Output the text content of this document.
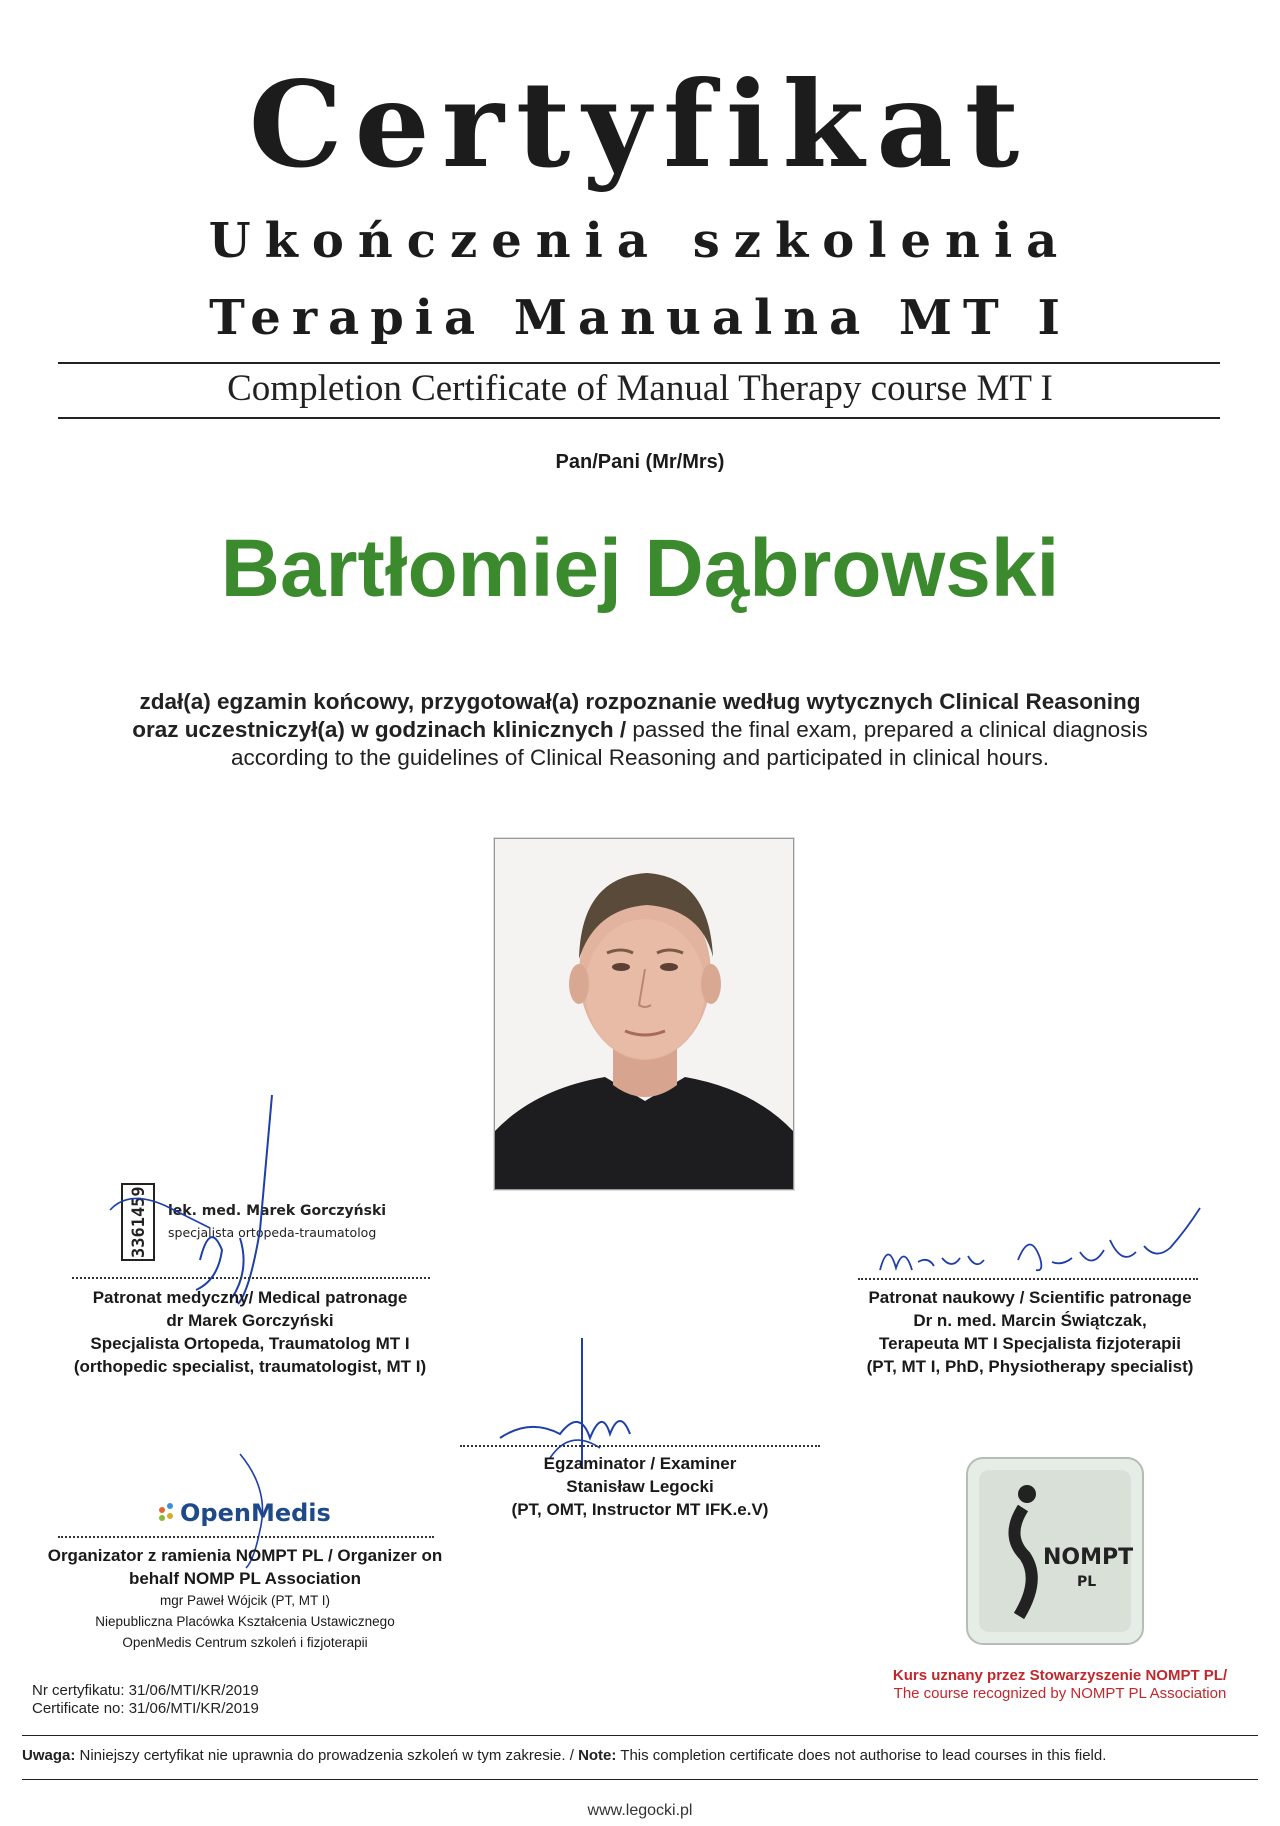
Certyfikat
Ukończenia szkolenia
Terapia Manualna MT I
Completion Certificate of Manual Therapy course MT I
Pan/Pani (Mr/Mrs)
Bartłomiej Dąbrowski
zdał(a) egzamin końcowy, przygotował(a) rozpoznanie według wytycznych Clinical Reasoning
oraz uczestniczył(a) w godzinach klinicznych / passed the final exam, prepared a clinical diagnosis
according to the guidelines of Clinical Reasoning and participated in clinical hours.
3361459 lek. med. Marek Gorczyński
specjalista ortopeda-traumatolog
Patronat medyczny/ Medical patronage
dr Marek Gorczyński
Specjalista Ortopeda, Traumatolog MT I
(orthopedic specialist, traumatologist, MT I)
Patronat naukowy / Scientific patronage
Dr n. med. Marcin Świątczak,
Terapeuta MT I Specjalista fizjoterapii
(PT, MT I, PhD, Physiotherapy specialist)
Egzaminator / Examiner
Stanisław Legocki
(PT, OMT, Instructor MT IFK.e.V)
OpenMedis
Organizator z ramienia NOMPT PL / Organizer on
behalf NOMP PL Association
mgr Paweł Wójcik (PT, MT I)
Niepubliczna Placówka Kształcenia Ustawicznego
OpenMedis Centrum szkoleń i fizjoterapii
NOMPT
PL
Nr certyfikatu: 31/06/MTI/KR/2019
Certificate no: 31/06/MTI/KR/2019
Kurs uznany przez Stowarzyszenie NOMPT PL/
The course recognized by NOMPT PL Association
Uwaga: Niniejszy certyfikat nie uprawnia do prowadzenia szkoleń w tym zakresie. / Note: This completion certificate does not authorise to lead courses in this field.
www.legocki.pl
